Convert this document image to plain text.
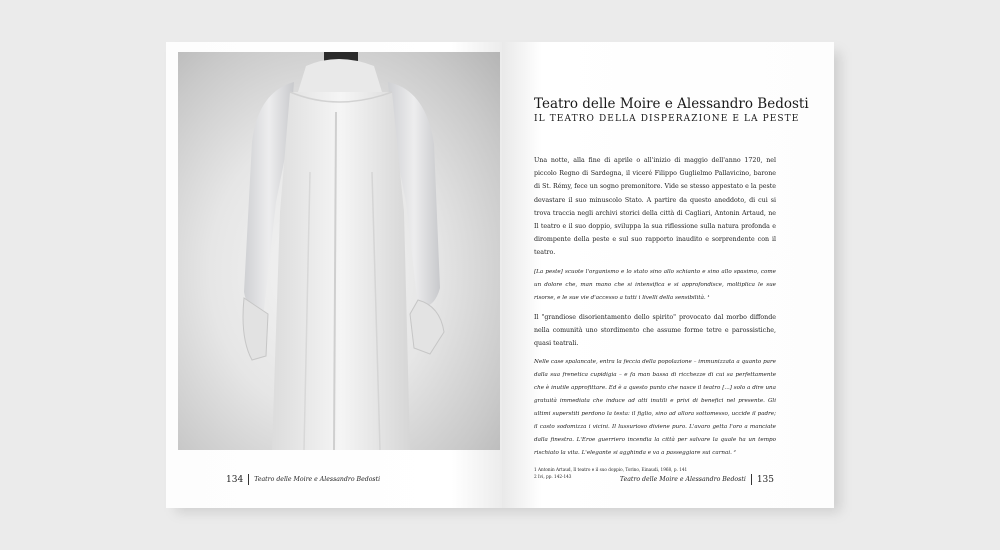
134 Teatro delle Moire e Alessandro Bedosti
Teatro delle Moire e Alessandro Bedosti
IL TEATRO DELLA DISPERAZIONE E LA PESTE

Una notte, alla fine di aprile o all'inizio di maggio dell'anno 1720, nel piccolo Regno di Sardegna, il viceré Filippo Guglielmo Pallavicino, barone di St. Rémy, fece un sogno premonitore. Vide se stesso appestato e la peste devastare il suo minuscolo Stato. A partire da questo aneddoto, di cui si trova traccia negli archivi storici della città di Cagliari, Antonin Artaud, ne Il teatro e il suo doppio, sviluppa la sua riflessione sulla natura profonda e dirompente della peste e sul suo rapporto inaudito e sorprendente con il teatro.

[La peste] scuote l'organismo e lo stato sino allo schianto e sino allo spasimo, come un dolore che, man mano che si intensifica e si approfondisce, moltiplica le sue risorse, e le sue vie d'accesso a tutti i livelli della sensibilità. ¹

Il "grandiose disorientamento dello spirito" provocato dal morbo diffonde nella comunità uno stordimento che assume forme tetre e parossistiche, quasi teatrali.

Nelle case spalancate, entra la feccia della popolazione – immunizzata a quanto pare dalla sua frenetica cupidigia – e fa man bassa di ricchezze di cui sa perfettamente che è inutile approfittare. Ed è a questo punto che nasce il teatro [...] solo a dire una gratuità immediata che induce ad atti inutili e privi di benefici nel presente. Gli ultimi superstiti perdono la testa: il figlio, sino ad allora sottomesso, uccide il padre; il casto sodomizza i vicini. Il lussurioso diviene puro. L'avaro getta l'oro a manciate dalla finestra. L'Eroe guerriero incendia la città per salvare la quale ha un tempo rischiato la vita. L'elegante si agghinda e va a passeggiare sui carnai. ²

1 Antonin Artaud, Il teatro e il suo doppio, Torino, Einaudi, 1968, p. 141
2 Ivi, pp. 142-143	Teatro delle Moire e Alessandro Bedosti 135
